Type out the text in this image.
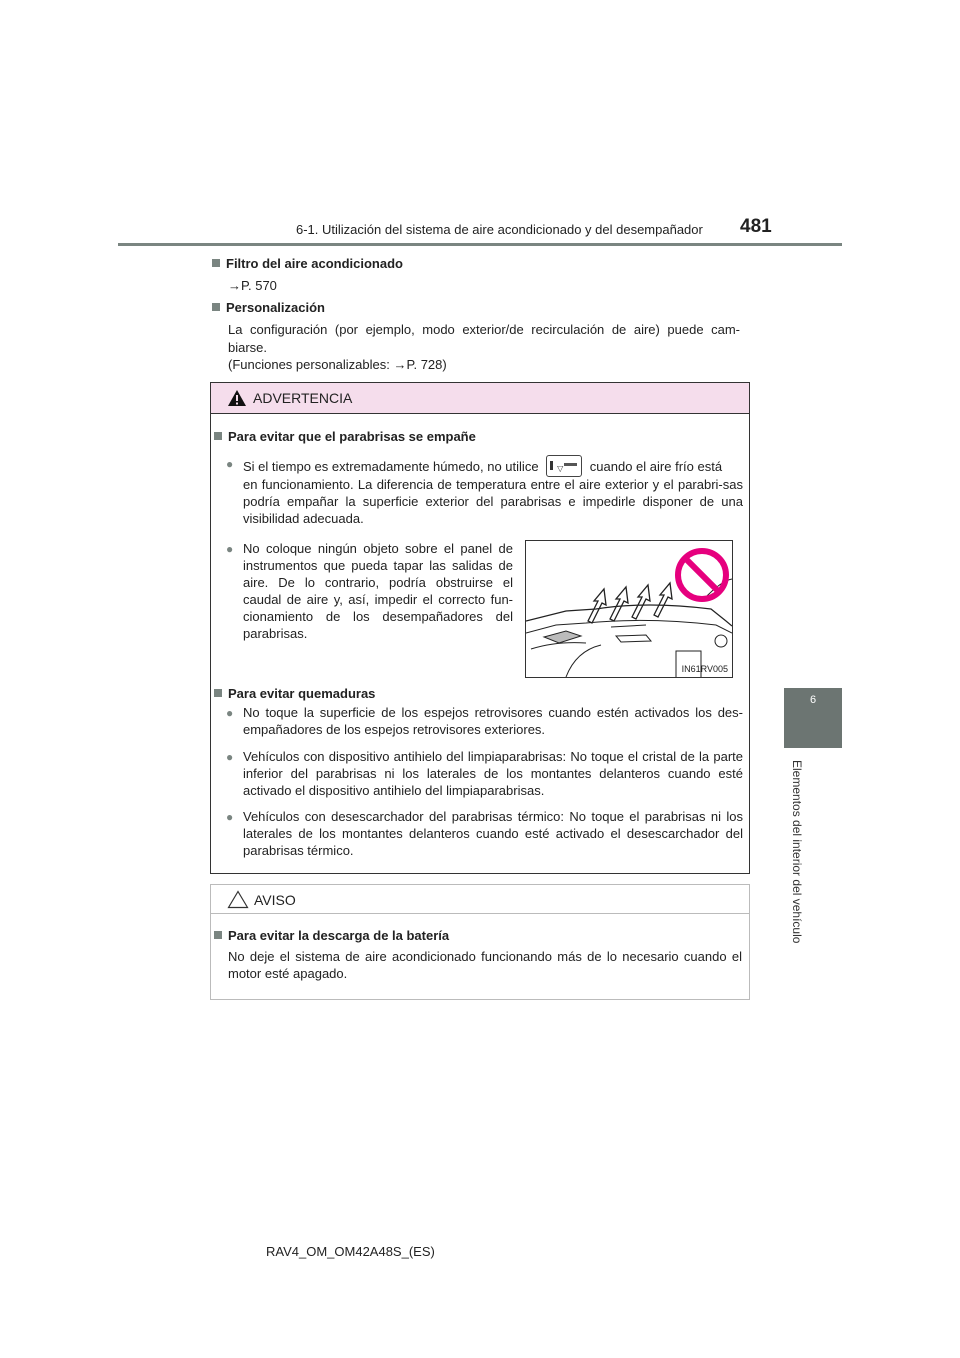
6-1. Utilización del sistema de aire acondicionado y del desempañador 481
6
Elementos del interior del vehículo
Filtro del aire acondicionado
→P. 570
Personalización
La configuración (por ejemplo, modo exterior/de recirculación de aire) puede cam-
biarse.
(Funciones personalizables: →P. 728)
ADVERTENCIA
Para evitar que el parabrisas se empañe
● Si el tiempo es extremadamente húmedo, no utilice ▽ cuando el aire frío está
en funcionamiento. La diferencia de temperatura entre el aire exterior y el parabri-sas podría empañar la superficie exterior del parabrisas e impedirle disponer de una visibilidad adecuada.
● No coloque ningún objeto sobre el panel de instrumentos que pueda tapar las salidas de aire. De lo contrario, podría obstruirse el caudal de aire y, así, impedir el correcto fun-cionamiento de los desempañadores del parabrisas.
Para evitar quemaduras
● No toque la superficie de los espejos retrovisores cuando estén activados los des-empañadores de los espejos retrovisores exteriores.
● Vehículos con dispositivo antihielo del limpiaparabrisas: No toque el cristal de la parte inferior del parabrisas ni los laterales de los montantes delanteros cuando esté activado el dispositivo antihielo del limpiaparabrisas.
● Vehículos con desescarchador del parabrisas térmico: No toque el parabrisas ni los laterales de los montantes delanteros cuando esté activado el desescarchador del parabrisas térmico.
IN61RV005
AVISO
Para evitar la descarga de la batería
No deje el sistema de aire acondicionado funcionando más de lo necesario cuando el motor esté apagado.
RAV4_OM_OM42A48S_(ES)
